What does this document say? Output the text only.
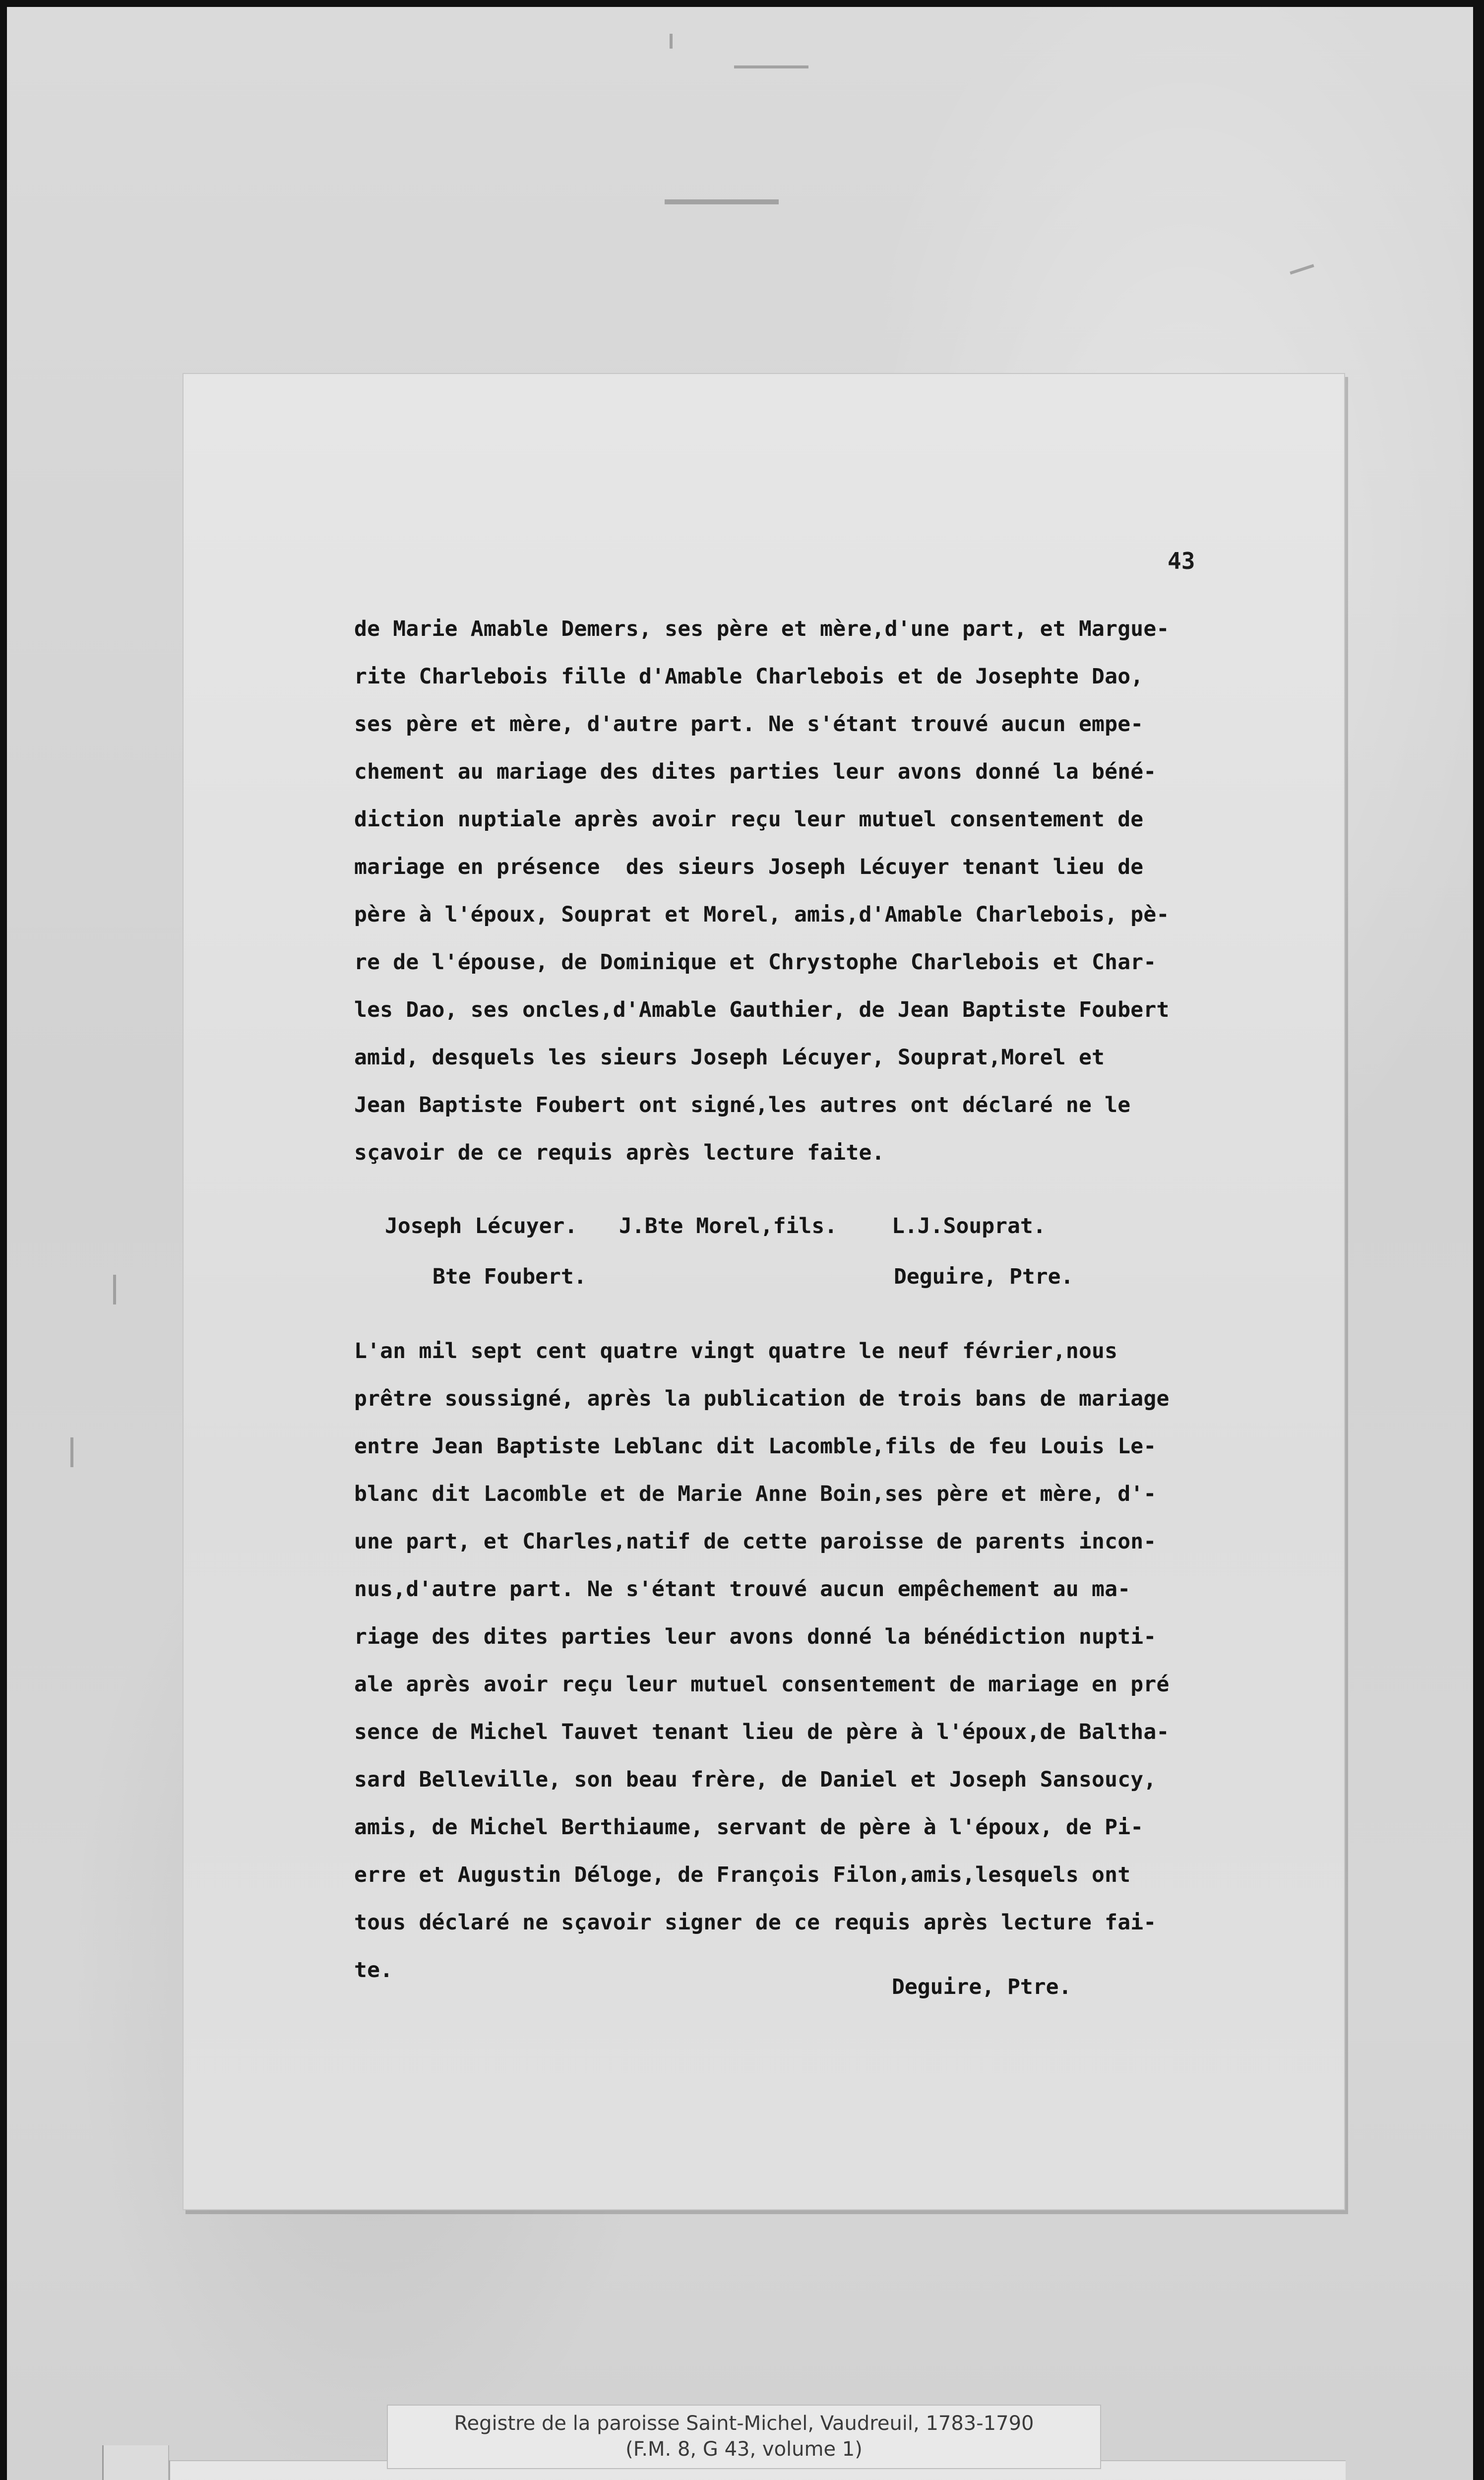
43

de Marie Amable Demers, ses père et mère,d'une part, et Margue-
rite Charlebois fille d'Amable Charlebois et de Josephte Dao,
ses père et mère, d'autre part. Ne s'étant trouvé aucun empe-
chement au mariage des dites parties leur avons donné la béné-
diction nuptiale après avoir reçu leur mutuel consentement de
mariage en présence  des sieurs Joseph Lécuyer tenant lieu de
père à l'époux, Souprat et Morel, amis,d'Amable Charlebois, pè-
re de l'épouse, de Dominique et Chrystophe Charlebois et Char-
les Dao, ses oncles,d'Amable Gauthier, de Jean Baptiste Foubert
amid, desquels les sieurs Joseph Lécuyer, Souprat,Morel et
Jean Baptiste Foubert ont signé,les autres ont déclaré ne le
sçavoir de ce requis après lecture faite.

Joseph Lécuyer. J.Bte Morel,fils.	L.J.Souprat.
Bte Foubert.	Deguire, Ptre.

L'an mil sept cent quatre vingt quatre le neuf février,nous
prêtre soussigné, après la publication de trois bans de mariage
entre Jean Baptiste Leblanc dit Lacomble,fils de feu Louis Le-
blanc dit Lacomble et de Marie Anne Boin,ses père et mère, d'-
une part, et Charles,natif de cette paroisse de parents incon-
nus,d'autre part. Ne s'étant trouvé aucun empêchement au ma-
riage des dites parties leur avons donné la bénédiction nupti-
ale après avoir reçu leur mutuel consentement de mariage en pré
sence de Michel Tauvet tenant lieu de père à l'époux,de Baltha-
sard Belleville, son beau frère, de Daniel et Joseph Sansoucy,
amis, de Michel Berthiaume, servant de père à l'époux, de Pi-
erre et Augustin Déloge, de François Filon,amis,lesquels ont
tous déclaré ne sçavoir signer de ce requis après lecture fai-
te.

Deguire, Ptre.
Registre de la paroisse Saint-Michel, Vaudreuil, 1783-1790
(F.M. 8, G 43, volume 1)
